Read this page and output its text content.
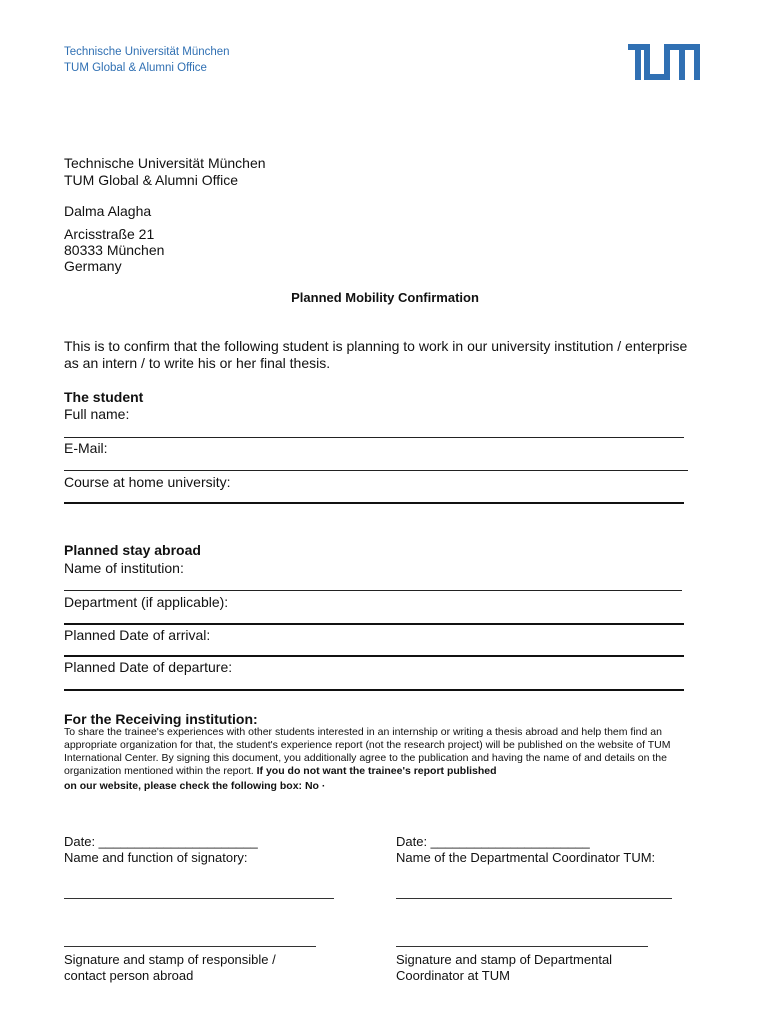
Technische Universität München
TUM Global & Alumni Office
Technische Universität München
TUM Global & Alumni Office
Dalma Alagha
Arcisstraße 21
80333 München
Germany
Planned Mobility Confirmation
This is to confirm that the following student is planning to work in our university institution / enterprise as an intern / to write his or her final thesis.
The student
Full name:
E-Mail:
Course at home university:
Planned stay abroad
Name of institution:
Department (if applicable):
Planned Date of arrival:
Planned Date of departure:
For the Receiving institution:
To share the trainee's experiences with other students interested in an internship or writing a thesis abroad and help them find an appropriate organization for that, the student's experience report (not the research project) will be published on the website of TUM International Center. By signing this document, you additionally agree to the publication and having the name of and details on the organization mentioned within the report. If you do not want the trainee's report published
on our website, please check the following box: No ·
Date: ______________________
Name and function of signatory:
Signature and stamp of responsible /
contact person abroad
Date: ______________________
Name of the Departmental Coordinator TUM:
Signature and stamp of Departmental
Coordinator at TUM
